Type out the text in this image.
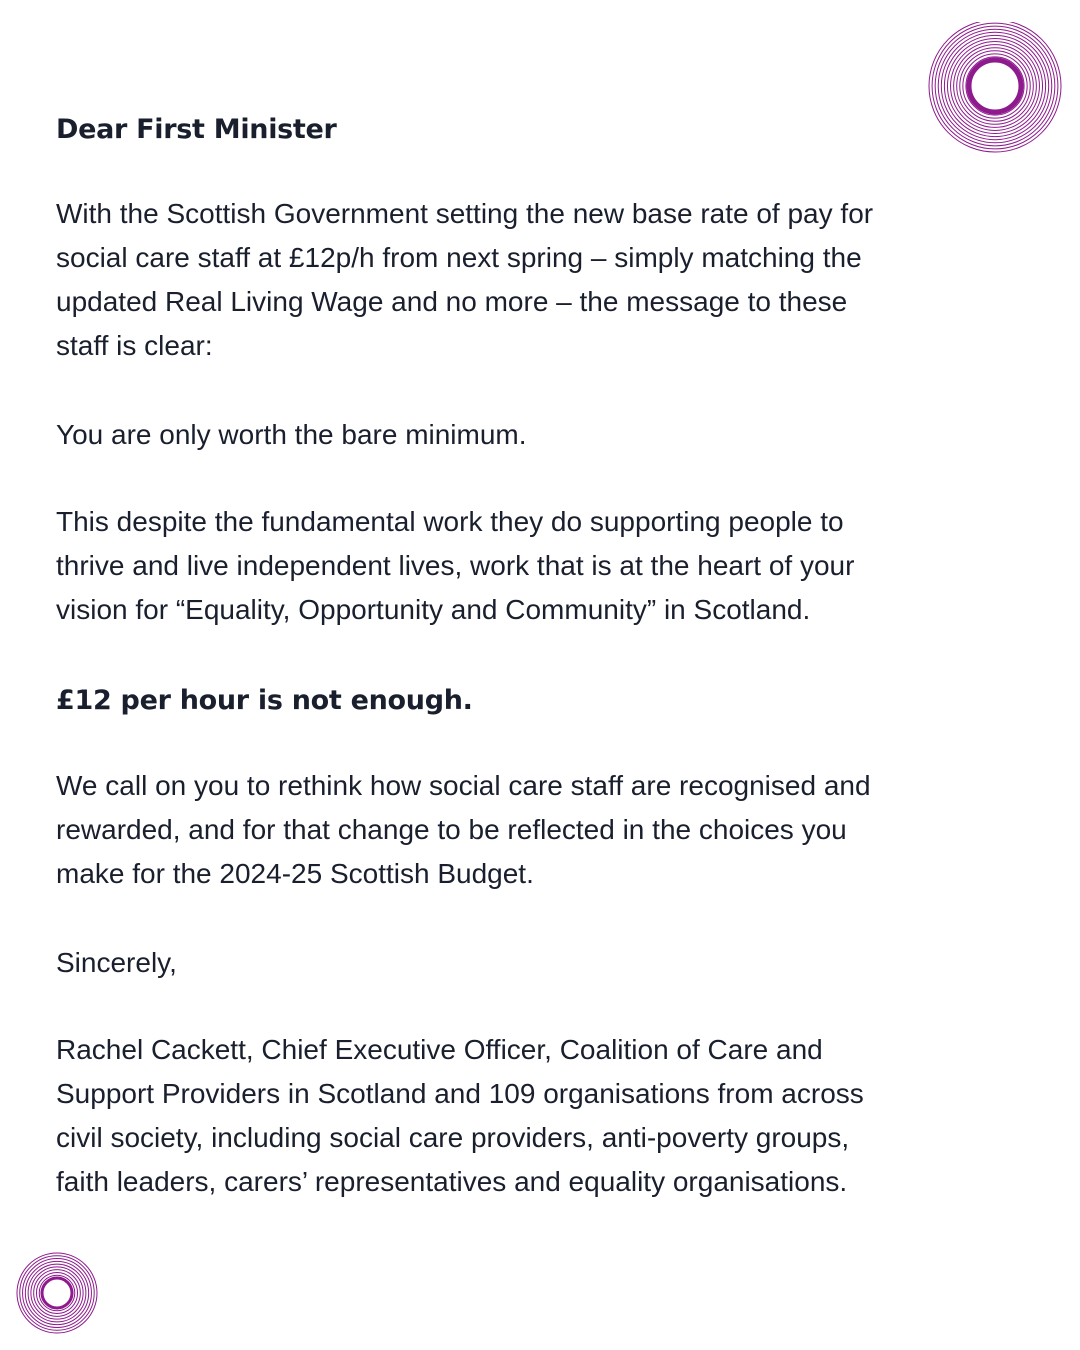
Dear First Minister

With the Scottish Government setting the new base rate of pay for
social care staff at £12p/h from next spring – simply matching the
updated Real Living Wage and no more – the message to these
staff is clear:

You are only worth the bare minimum.

This despite the fundamental work they do supporting people to
thrive and live independent lives, work that is at the heart of your
vision for “Equality, Opportunity and Community” in Scotland.

£12 per hour is not enough.

We call on you to rethink how social care staff are recognised and
rewarded, and for that change to be reflected in the choices you
make for the 2024-25 Scottish Budget.

Sincerely,

Rachel Cackett, Chief Executive Officer, Coalition of Care and
Support Providers in Scotland and 109 organisations from across
civil society, including social care providers, anti-poverty groups,
faith leaders, carers’ representatives and equality organisations.
